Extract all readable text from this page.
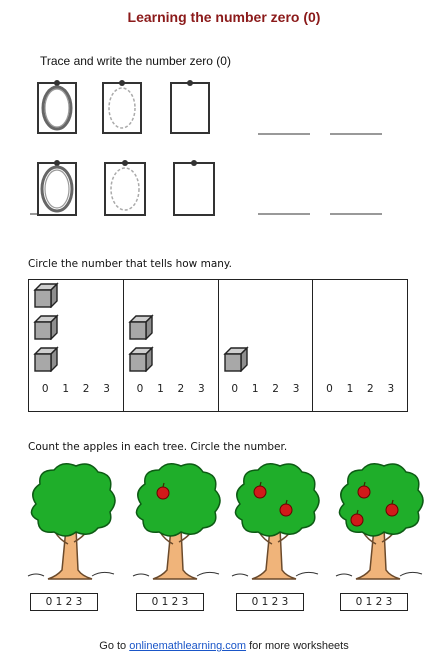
Learning the number zero (0)
Trace and write the number zero (0)
Circle the number that tells how many.
0 1 2 3	0 1 2 3	0 1 2 3	0 1 2 3
Count the apples in each tree. Circle the number.
0 1 2 3	0 1 2 3	0 1 2 3	0 1 2 3
Go to onlinemathlearning.com for more worksheets
